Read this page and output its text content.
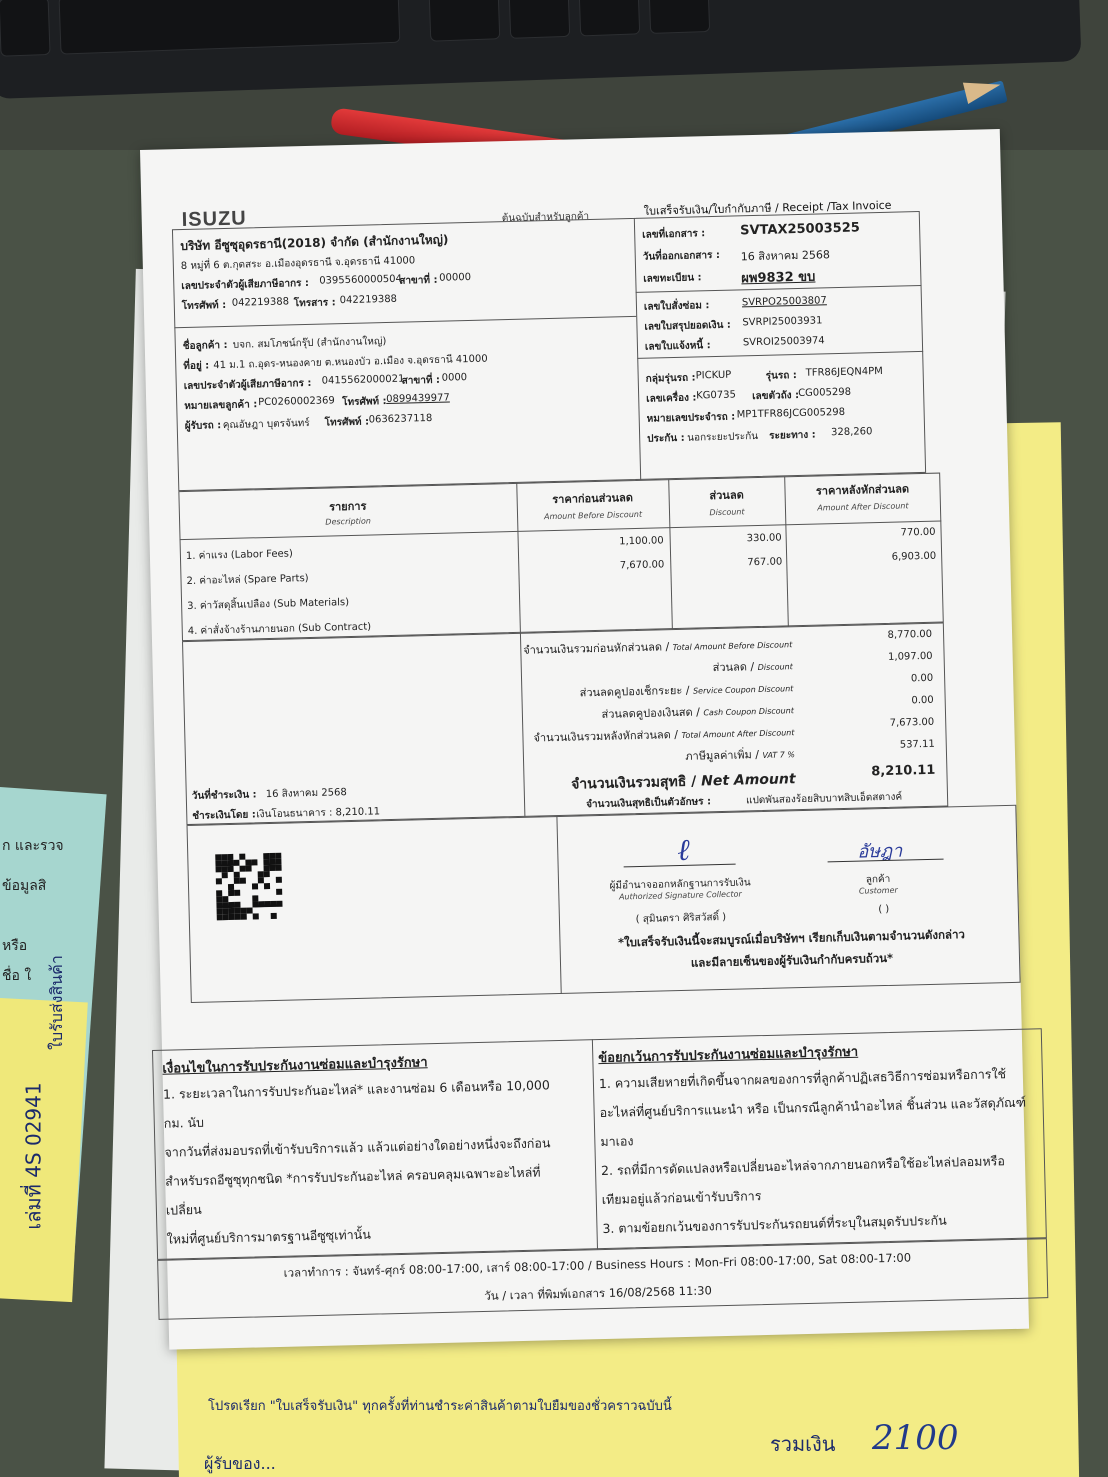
ก และรวจ
ข้อมูลสิ
หรือ
ชื่อ ใ
เล่มที่ 4S 02941
ใบรับส่งสินค้า
โปรดเรียก "ใบเสร็จรับเงิน" ทุกครั้งที่ท่านชำระค่าสินค้าตามใบยืมของชั่วคราวฉบับนี้
รวมเงิน 2100
ผู้รับของ...
ISUZU	ต้นฉบับสำหรับลูกค้า	ใบเสร็จรับเงิน/ใบกำกับภาษี / Receipt /Tax Invoice
บริษัท อีซูซุอุดรธานี(2018) จำกัด (สำนักงานใหญ่)
8 หมู่ที่ 6 ต.กุดสระ อ.เมืองอุดรธานี จ.อุดรธานี 41000
เลขประจำตัวผู้เสียภาษีอากร : 0395560000504
สาขาที่ : 00000
โทรศัพท์ : 042219388 โทรสาร : 042219388
เลขที่เอกสาร :	SVTAX25003525
วันที่ออกเอกสาร : 16 สิงหาคม 2568
เลขทะเบียน :	ผพ9832 ขบ
เลขใบสั่งซ่อม :	SVRPO25003807
เลขใบสรุปยอดเงิน : SVRPI25003931
เลขใบแจ้งหนี้ :	SVROI25003974
กลุ่มรุ่นรถ : PICKUP	รุ่นรถ : TFR86JEQN4PM
เลขเครื่อง : KG0735 เลขตัวถัง :
CG005298
หมายเลขประจำรถ : MP1TFR86JCG005298
ประกัน : นอกระยะประกัน ระยะทาง : 328,260
ชื่อลูกค้า : บจก. สมโภชน์กรุ๊ป (สำนักงานใหญ่)
ที่อยู่ : 41 ม.1 ถ.อุดร-หนองคาย ต.หนองบัว อ.เมือง จ.อุดรธานี 41000
เลขประจำตัวผู้เสียภาษีอากร : 0415562000021
สาขาที่ : 0000
หมายเลขลูกค้า : PC0260002369 โทรศัพท์ : 0899439977
ผู้รับรถ : คุณอัษฎา บุตรจันทร์ โทรศัพท์ : 0636237118
รายการ
Description
ราคาก่อนส่วนลด
Amount Before Discount
ส่วนลด
Discount
ราคาหลังหักส่วนลด
Amount After Discount
1. ค่าแรง (Labor Fees)
1,100.00	330.00	770.00
2. ค่าอะไหล่ (Spare Parts)
7,670.00	767.00	6,903.00
3. ค่าวัสดุสิ้นเปลือง (Sub Materials)
4. ค่าสั่งจ้างร้านภายนอก (Sub Contract)
จำนวนเงินรวมก่อนหักส่วนลด / Total Amount Before Discount
8,770.00
ส่วนลด / Discount
1,097.00
ส่วนลดคูปองเช็กระยะ / Service Coupon Discount
0.00
ส่วนลดคูปองเงินสด / Cash Coupon Discount
0.00
จำนวนเงินรวมหลังหักส่วนลด / Total Amount After Discount
7,673.00
ภาษีมูลค่าเพิ่ม / VAT 7 %
537.11
จำนวนเงินรวมสุทธิ / Net Amount
8,210.11
จำนวนเงินสุทธิเป็นตัวอักษร :	แปดพันสองร้อยสิบบาทสิบเอ็ดสตางค์
วันที่ชำระเงิน : 16 สิงหาคม 2568
ชำระเงินโดย : เงินโอนธนาคาร : 8,210.11
ℓ	อัษฎา
ผู้มีอำนาจออกหลักฐานการรับเงิน
Authorized Signature Collector
( สุมินตรา ศิริสวัสดิ์ )
ลูกค้า
Customer
( )
*ใบเสร็จรับเงินนี้จะสมบูรณ์เมื่อบริษัทฯ เรียกเก็บเงินตามจำนวนดังกล่าว
และมีลายเซ็นของผู้รับเงินกำกับครบถ้วน*
เงื่อนไขในการรับประกันงานซ่อมและบำรุงรักษา
1. ระยะเวลาในการรับประกันอะไหล่* และงานซ่อม 6 เดือนหรือ 10,000 กม. นับ
จากวันที่ส่งมอบรถที่เข้ารับบริการแล้ว แล้วแต่อย่างใดอย่างหนึ่งจะถึงก่อน
สำหรับรถอีซูซุทุกชนิด *การรับประกันอะไหล่ ครอบคลุมเฉพาะอะไหล่ที่เปลี่ยน
ใหม่ที่ศูนย์บริการมาตรฐานอีซูซุเท่านั้น
ข้อยกเว้นการรับประกันงานซ่อมและบำรุงรักษา
1. ความเสียหายที่เกิดขึ้นจากผลของการที่ลูกค้าปฏิเสธวิธีการซ่อมหรือการใช้
อะไหล่ที่ศูนย์บริการแนะนำ หรือ เป็นกรณีลูกค้านำอะไหล่ ชิ้นส่วน และวัสดุภัณฑ์
มาเอง
2. รถที่มีการดัดแปลงหรือเปลี่ยนอะไหล่จากภายนอกหรือใช้อะไหล่ปลอมหรือ
เทียมอยู่แล้วก่อนเข้ารับบริการ
3. ตามข้อยกเว้นของการรับประกันรถยนต์ที่ระบุในสมุดรับประกัน
เวลาทำการ : จันทร์-ศุกร์ 08:00-17:00, เสาร์ 08:00-17:00 / Business Hours : Mon-Fri 08:00-17:00, Sat 08:00-17:00
วัน / เวลา ที่พิมพ์เอกสาร 16/08/2568 11:30
